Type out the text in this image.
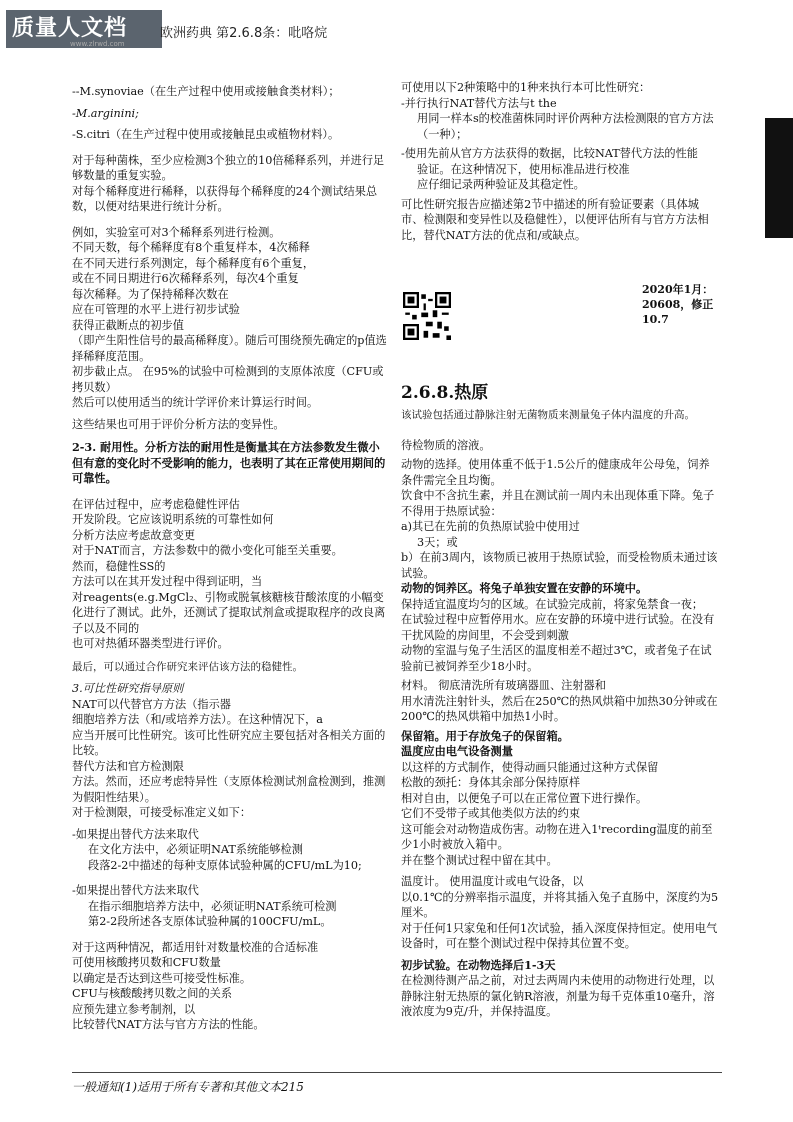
质量人文档
www.zlrwd.com
欧洲药典 第2.6.8条：吡咯烷

--M.synoviae（在生产过程中使用或接触食类材料）；

-M.arginini;

-S.citri（在生产过程中使用或接触昆虫或植物材料）。

对于每种菌株，至少应检测3个独立的10倍稀释系列，并进行足够数量的重复实验。

对每个稀释度进行稀释，以获得每个稀释度的24个测试结果总数，以便对结果进行统计分析。

例如，实验室可对3个稀释系列进行检测。
不同天数，每个稀释度有8个重复样本，4次稀释
在不同天进行系列测定，每个稀释度有6个重复，
或在不同日期进行6次稀释系列，每次4个重复
每次稀释。为了保持稀释次数在
应在可管理的水平上进行初步试验
获得正截断点的初步值
（即产生阳性信号的最高稀释度）。随后可围绕预先确定的p值选择稀释度范围。
初步截止点。 在95%的试验中可检测到的支原体浓度（CFU或拷贝数）
然后可以使用适当的统计学评价来计算运行时间。

这些结果也可用于评价分析方法的变异性。

2-3. 耐用性。分析方法的耐用性是衡量其在方法参数发生微小但有意的变化时不受影响的能力，也表明了其在正常使用期间的可靠性。

在评估过程中，应考虑稳健性评估
开发阶段。它应该说明系统的可靠性如何
分析方法应考虑故意变更
对于NAT而言，方法参数中的微小变化可能至关重要。
然而，稳健性SS的
方法可以在其开发过程中得到证明，当
对reagents(e.g.MgCl₂、引物或脱氧核糖核苷酸浓度的小幅变化进行了测试。此外，还测试了提取试剂盒或提取程序的改良离子以及不同的
也可对热循环器类型进行评价。

最后，可以通过合作研究来评估该方法的稳健性。

3.可比性研究指导原则
NAT可以代替官方方法（指示器
细胞培养方法（和/或培养方法）。在这种情况下，a
应当开展可比性研究。该可比性研究应主要包括对各相关方面的比较。
替代方法和官方检测限
方法。然而，还应考虑特异性（支原体检测试剂盒检测到，推测为假阳性结果）。
对于检测限，可接受标准定义如下：
-如果提出替代方法来取代
在文化方法中，必须证明NAT系统能够检测
段落2-2中描述的每种支原体试验种属的CFU/mL为10;
-如果提出替代方法来取代
在指示细胞培养方法中，必须证明NAT系统可检测
第2-2段所述各支原体试验种属的100CFU/mL。
对于这两种情况，都适用针对数量校准的合适标准
可使用核酸拷贝数和CFU数量
以确定是否达到这些可接受性标准。
CFU与核酸酸拷贝数之间的关系
应预先建立参考制剂，以
比较替代NAT方法与官方方法的性能。
可使用以下2种策略中的1种来执行本可比性研究：
-并行执行NAT替代方法与t the
用同一样本s的校准菌株同时评价两种方法检测限的官方方法（一种）；
-使用先前从官方方法获得的数据，比较NAT替代方法的性能
验证。在这种情况下，使用标准品进行校准
应仔细记录两种验证及其稳定性。
可比性研究报告应描述第2节中描述的所有验证要素（具体城市、检测限和变异性以及稳健性），以便评估所有与官方方法相比，替代NAT方法的优点和/或缺点。
2020年1月：20608，修正10.7
2.6.8.热原
该试验包括通过静脉注射无菌物质来测量兔子体内温度的升高。
待检物质的溶液。
动物的选择。使用体重不低于1.5公斤的健康成年公母兔，饲养条件需完全且均衡。
饮食中不含抗生素，并且在测试前一周内未出现体重下降。兔子不得用于热原试验：
a)其已在先前的负热原试验中使用过
3天；或
b）在前3周内，该物质已被用于热原试验，而受检物质未通过该试验。
动物的饲养区。将兔子单独安置在安静的环境中。
保持适宜温度均匀的区域。在试验完成前，将家兔禁食一夜；
在试验过程中应暂停用水。应在安静的环境中进行试验。在没有干扰风险的房间里，不会受到刺激
动物的室温与兔子生活区的温度相差不超过3℃，或者兔子在试验前已被饲养至少18小时。
材料。 彻底清洗所有玻璃器皿、注射器和
用水清洗注射针头，然后在250℃的热风烘箱中加热30分钟或在200℃的热风烘箱中加热1小时。
保留箱。用于存放兔子的保留箱。
温度应由电气设备测量
以这样的方式制作，使得动画只能通过这种方式保留
松散的颈托：身体其余部分保持原样
相对自由，以便兔子可以在正常位置下进行操作。
它们不受带子或其他类似方法的约束
这可能会对动物造成伤害。动物在进入1ᵗrecording温度的前至少1小时被放入箱中。
并在整个测试过程中留在其中。
温度计。 使用温度计或电气设备，以
以0.1℃的分辨率指示温度，并将其插入兔子直肠中，深度约为5厘米。
对于任何1只家兔和任何1次试验，插入深度保持恒定。使用电气设备时，可在整个测试过程中保持其位置不变。
初步试验。在动物选择后1-3天
在检测待测产品之前，对过去两周内未使用的动物进行处理，以
静脉注射无热原的氯化钠R溶液，剂量为每千克体重10毫升，溶液浓度为9克/升，并保持温度。
一般通知(1)适用于所有专著和其他文本215
